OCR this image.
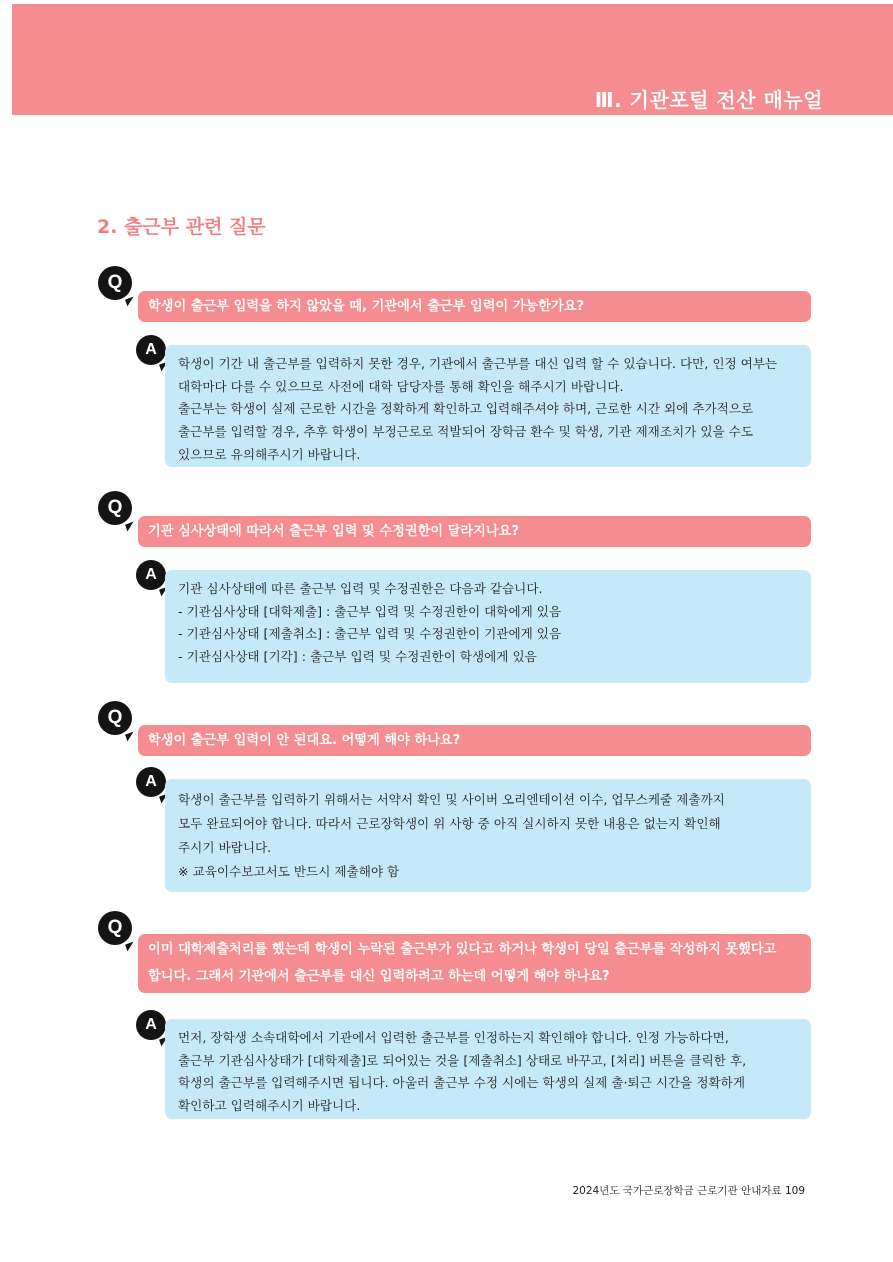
Ⅲ. 기관포털 전산 매뉴얼
2. 출근부 관련 질문
Q
학생이 출근부 입력을 하지 않았을 때, 기관에서 출근부 입력이 가능한가요?
A

학생이 기간 내 출근부를 입력하지 못한 경우, 기관에서 출근부를 대신 입력 할 수 있습니다. 다만, 인정 여부는

대학마다 다를 수 있으므로 사전에 대학 담당자를 통해 확인을 해주시기 바랍니다.

출근부는 학생이 실제 근로한 시간을 정확하게 확인하고 입력해주셔야 하며, 근로한 시간 외에 추가적으로

출근부를 입력할 경우, 추후 학생이 부정근로로 적발되어 장학금 환수 및 학생, 기관 제재조치가 있을 수도

있으므로 유의해주시기 바랍니다.

Q
기관 심사상태에 따라서 출근부 입력 및 수정권한이 달라지나요?
A

기관 심사상태에 따른 출근부 입력 및 수정권한은 다음과 같습니다.

- 기관심사상태 [대학제출] : 출근부 입력 및 수정권한이 대학에게 있음

- 기관심사상태 [제출취소] : 출근부 입력 및 수정권한이 기관에게 있음

- 기관심사상태 [기각] : 출근부 입력 및 수정권한이 학생에게 있음

Q
학생이 출근부 입력이 안 된대요. 어떻게 해야 하나요?
A

학생이 출근부를 입력하기 위해서는 서약서 확인 및 사이버 오리엔테이션 이수, 업무스케줄 제출까지

모두 완료되어야 합니다. 따라서 근로장학생이 위 사항 중 아직 실시하지 못한 내용은 없는지 확인해

주시기 바랍니다.

※ 교육이수보고서도 반드시 제출해야 함

Q
이미 대학제출처리를 했는데 학생이 누락된 출근부가 있다고 하거나 학생이 당일 출근부를 작성하지 못했다고
합니다. 그래서 기관에서 출근부를 대신 입력하려고 하는데 어떻게 해야 하나요?
A

먼저, 장학생 소속대학에서 기관에서 입력한 출근부를 인정하는지 확인해야 합니다. 인정 가능하다면,

출근부 기관심사상태가 [대학제출]로 되어있는 것을 [제출취소] 상태로 바꾸고, [처리] 버튼을 클릭한 후,

학생의 출근부를 입력해주시면 됩니다. 아울러 출근부 수정 시에는 학생의 실제 출·퇴근 시간을 정확하게

확인하고 입력해주시기 바랍니다.

2024년도 국가근로장학금 근로기관 안내자료 109
